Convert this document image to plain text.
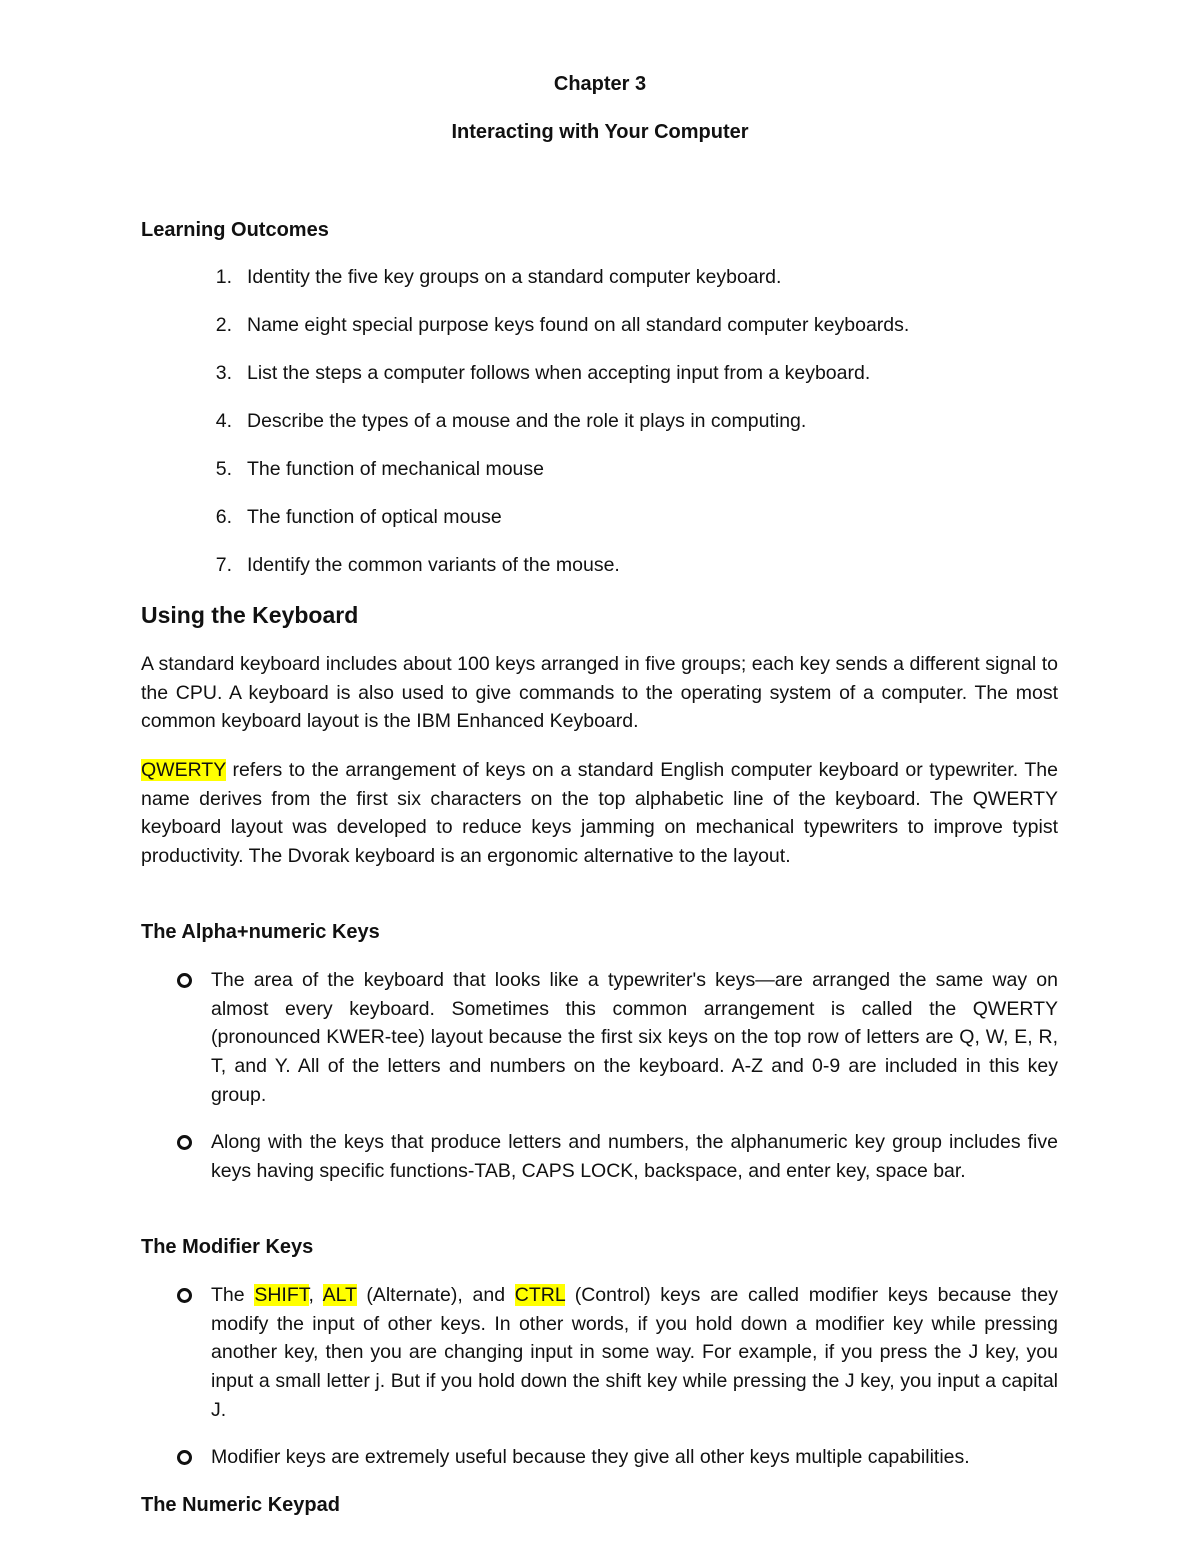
Chapter 3
Interacting with Your Computer
Learning Outcomes
1. Identity the five key groups on a standard computer keyboard.
2. Name eight special purpose keys found on all standard computer keyboards.
3. List the steps a computer follows when accepting input from a keyboard.
4. Describe the types of a mouse and the role it plays in computing.
5. The function of mechanical mouse
6. The function of optical mouse
7. Identify the common variants of the mouse.
Using the Keyboard
A standard keyboard includes about 100 keys arranged in five groups; each key sends a different signal to the CPU. A keyboard is also used to give commands to the operating system of a computer. The most common keyboard layout is the IBM Enhanced Keyboard.
QWERTY refers to the arrangement of keys on a standard English computer keyboard or typewriter. The name derives from the first six characters on the top alphabetic line of the keyboard. The QWERTY keyboard layout was developed to reduce keys jamming on mechanical typewriters to improve typist productivity. The Dvorak keyboard is an ergonomic alternative to the layout.
The Alpha+numeric Keys
The area of the keyboard that looks like a typewriter's keys—are arranged the same way on almost every keyboard. Sometimes this common arrangement is called the QWERTY (pronounced KWER-tee) layout because the first six keys on the top row of letters are Q, W, E, R, T, and Y. All of the letters and numbers on the keyboard. A-Z and 0-9 are included in this key group.
Along with the keys that produce letters and numbers, the alphanumeric key group includes five keys having specific functions-TAB, CAPS LOCK, backspace, and enter key, space bar.
The Modifier Keys
The SHIFT, ALT (Alternate), and CTRL (Control) keys are called modifier keys because they modify the input of other keys. In other words, if you hold down a modifier key while pressing another key, then you are changing input in some way. For example, if you press the J key, you input a small letter j. But if you hold down the shift key while pressing the J key, you input a capital J.
Modifier keys are extremely useful because they give all other keys multiple capabilities.
The Numeric Keypad
